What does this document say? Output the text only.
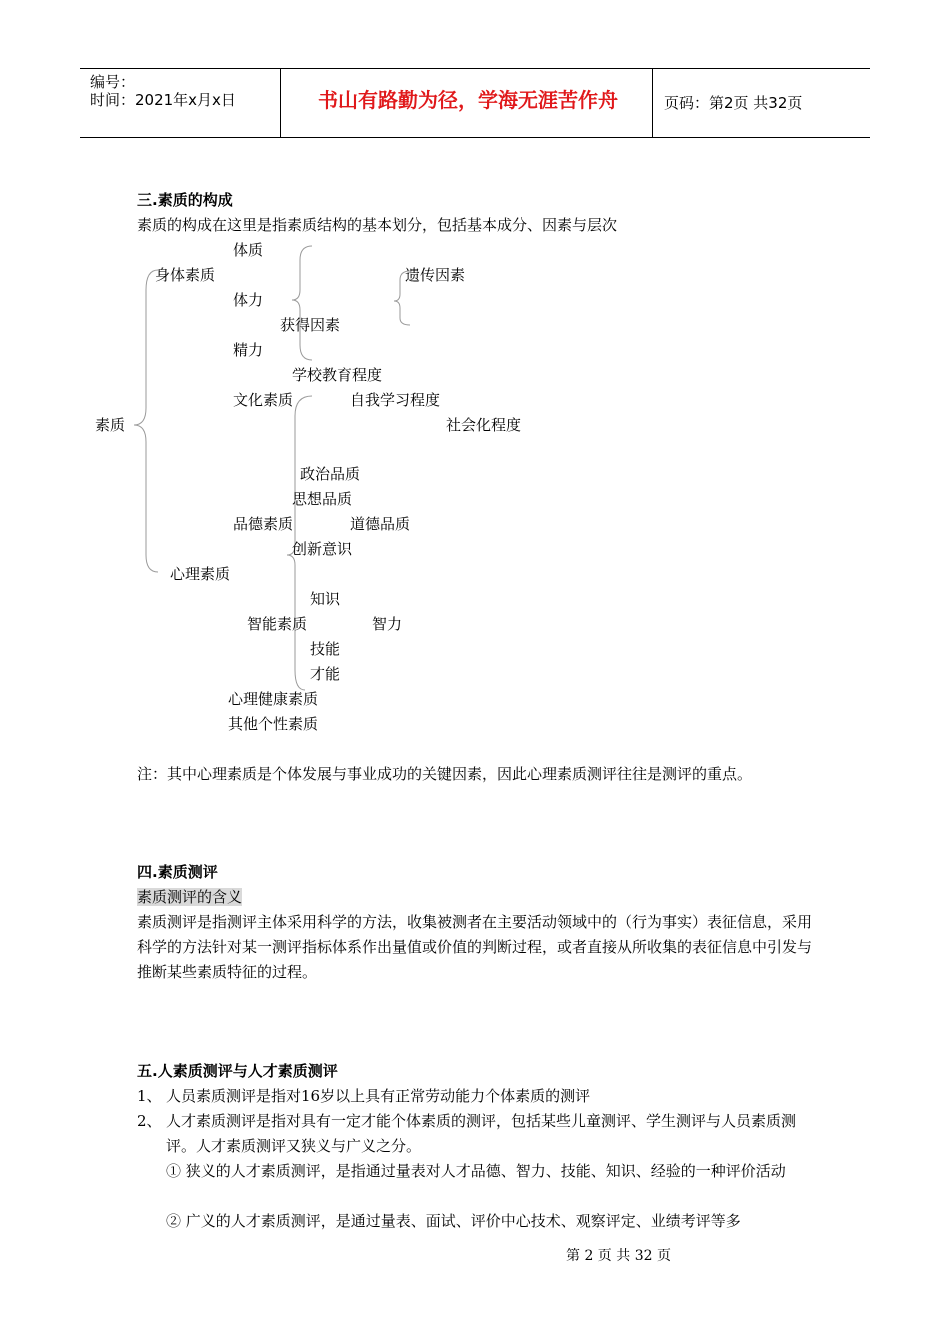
编号：
时间：2021年x月x日	书山有路勤为径，学海无涯苦作舟	页码：第2页 共32页
三.素质的构成
素质的构成在这里是指素质结构的基本划分，包括基本成分、因素与层次
素质
身体素质
体质
体力
精力
遗传因素
获得因素
学校教育程度
文化素质	自我学习程度
社会化程度
政治品质
思想品质
品德素质	道德品质
创新意识
心理素质
知识
智能素质	智力
技能
才能
心理健康素质
其他个性素质
注：其中心理素质是个体发展与事业成功的关键因素，因此心理素质测评往往是测评的重点。
四.素质测评
素质测评的含义
素质测评是指测评主体采用科学的方法，收集被测者在主要活动领域中的（行为事实）表征信息，采用科学的方法针对某一测评指标体系作出量值或价值的判断过程，或者直接从所收集的表征信息中引发与推断某些素质特征的过程。
五.人素质测评与人才素质测评
1、 人员素质测评是指对16岁以上具有正常劳动能力个体素质的测评
2、 人才素质测评是指对具有一定才能个体素质的测评，包括某些儿童测评、学生测评与人员素质测评。人才素质测评又狭义与广义之分。
① 狭义的人才素质测评，是指通过量表对人才品德、智力、技能、知识、经验的一种评价活动
② 广义的人才素质测评，是通过量表、面试、评价中心技术、观察评定、业绩考评等多
第 2 页 共 32 页
